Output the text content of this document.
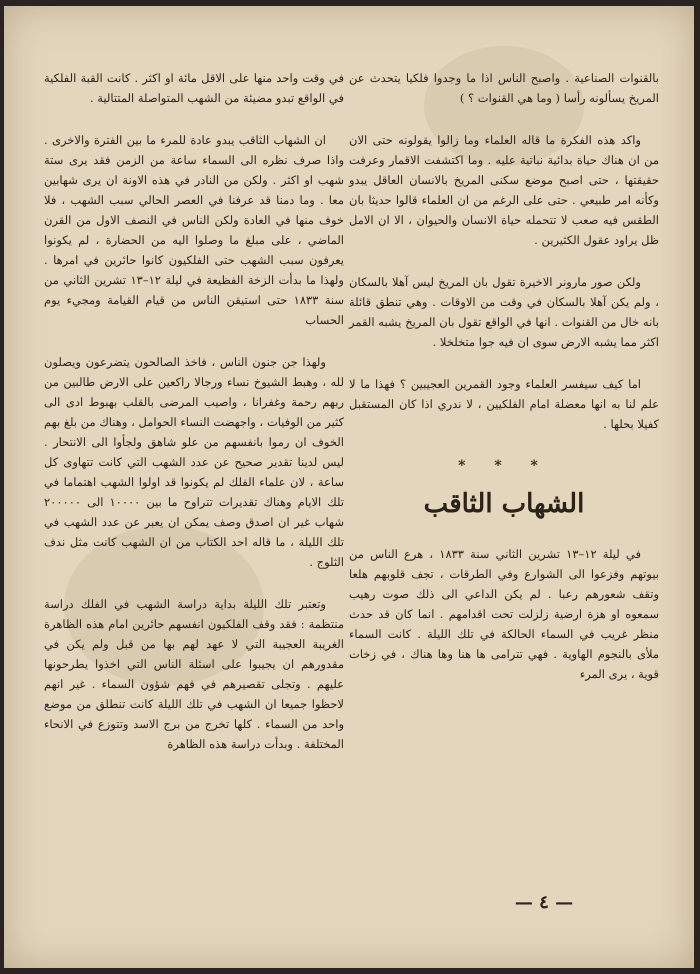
بالقنوات الصناعية . واصبح الناس اذا ما وجدوا فلكيا يتحدث عن المريخ يسألونه رأسا ( وما هي القنوات ؟ )

واكد هذه الفكرة ما قاله العلماء وما زالوا يقولونه حتى الان من ان هناك حياة بدائية نباتية عليه . وما اكتشفت الاقمار وعرفت حقيقتها ، حتى اصبح موضع سكنى المريخ بالانسان العاقل يبدو وكأنه امر طبيعي . حتى على الرغم من ان العلماء قالوا حديثا بان الطقس فيه صعب لا تتحمله حياة الانسان والحيوان ، الا ان الامل ظل يراود عقول الكثيرين .

ولكن صور مارونر الاخيرة تقول بان المريخ ليس آهلا بالسكان ، ولم يكن آهلا بالسكان في وقت من الاوقات . وهي تنطق قائلة بانه خال من القنوات . انها في الواقع تقول بان المريخ يشبه القمر اكثر مما يشبه الارض سوى ان فيه جوا متخلخلا .

اما كيف سيفسر العلماء وجود القمرين العجيبين ؟ فهذا ما لا علم لنا به انها معضلة امام الفلكيين ، لا ندري اذا كان المستقبل كفيلا بحلها .

* * *
الشهاب الثاقب

في ليلة ١٢–١٣ تشرين الثاني سنة ١٨٣٣ ، هرع الناس من بيوتهم وفزعوا الى الشوارع وفي الطرقات ، تجف قلوبهم هلعا وتقف شعورهم رعبا . لم يكن الداعي الى ذلك صوت رهيب سمعوه او هزة ارضية زلزلت تحت اقدامهم . انما كان قد حدث منظر غريب في السماء الحالكة في تلك الليلة . كانت السماء ملأى بالنجوم الهاوية . فهي تترامى ها هنا وها هناك ، في زخات قوية ، يرى المرء

في وقت واحد منها على الاقل مائة او اكثر . كانت القبة الفلكية في الواقع تبدو مضيئة من الشهب المتواصلة المتتالية .

ان الشهاب الثاقب يبدو عادة للمرء ما بين الفترة والاخرى . واذا صرف نظره الى السماء ساعة من الزمن فقد يرى ستة شهب او اكثر . ولكن من النادر في هذه الاونة ان يرى شهابين معا . وما دمنا قد عرفنا في العصر الحالي سبب الشهب ، فلا خوف منها في العادة ولكن الناس في النصف الاول من القرن الماضي ، على مبلغ ما وصلوا اليه من الحضارة ، لم يكونوا يعرفون سبب الشهب حتى الفلكيون كانوا حائرين في امرها . ولهذا ما بدأت الزخة الفظيعة في ليلة ١٢–١٣ تشرين الثاني من سنة ١٨٣٣ حتى استيقن الناس من قيام القيامة ومجيء يوم الحساب

ولهذا جن جنون الناس ، فاخذ الصالحون يتضرعون ويصلون لله ، وهبط الشيوخ نساء ورجالا راكعين على الارض طالبين من ربهم رحمة وغفرانا ، واصيب المرضى بالقلب بهبوط ادى الى كثير من الوفيات ، واجهضت النساء الحوامل ، وهناك من بلغ بهم الخوف ان رموا بانفسهم من علو شاهق ولجأوا الى الانتحار . ليس لدينا تقدير صحيح عن عدد الشهب التي كانت تتهاوى كل ساعة ، لان علماء الفلك لم يكونوا قد اولوا الشهب اهتماما في تلك الايام وهناك تقديرات تتراوح ما بين ١٠٠٠٠ الى ٢٠٠٠٠٠ شهاب غير ان اصدق وصف يمكن ان يعبر عن عدد الشهب في تلك الليلة ، ما قاله احد الكتاب من ان الشهب كانت مثل ندف الثلوج .

وتعتبر تلك الليلة بداية دراسة الشهب في الفلك دراسة منتظمة : فقد وقف الفلكيون انفسهم حائرين امام هذه الظاهرة الغريبة العجيبة التي لا عهد لهم بها من قبل ولم يكن في مقدورهم ان يجيبوا على اسئلة الناس التي اخذوا يطرحونها عليهم . وتجلى تقصيرهم في فهم شؤون السماء . غير انهم لاحظوا جميعا ان الشهب في تلك الليلة كانت تنطلق من موضع واحد من السماء . كلها تخرج من برج الاسد وتتوزع في الانحاء المختلفة . وبدأت دراسة هذه الظاهرة

— ٤ —
